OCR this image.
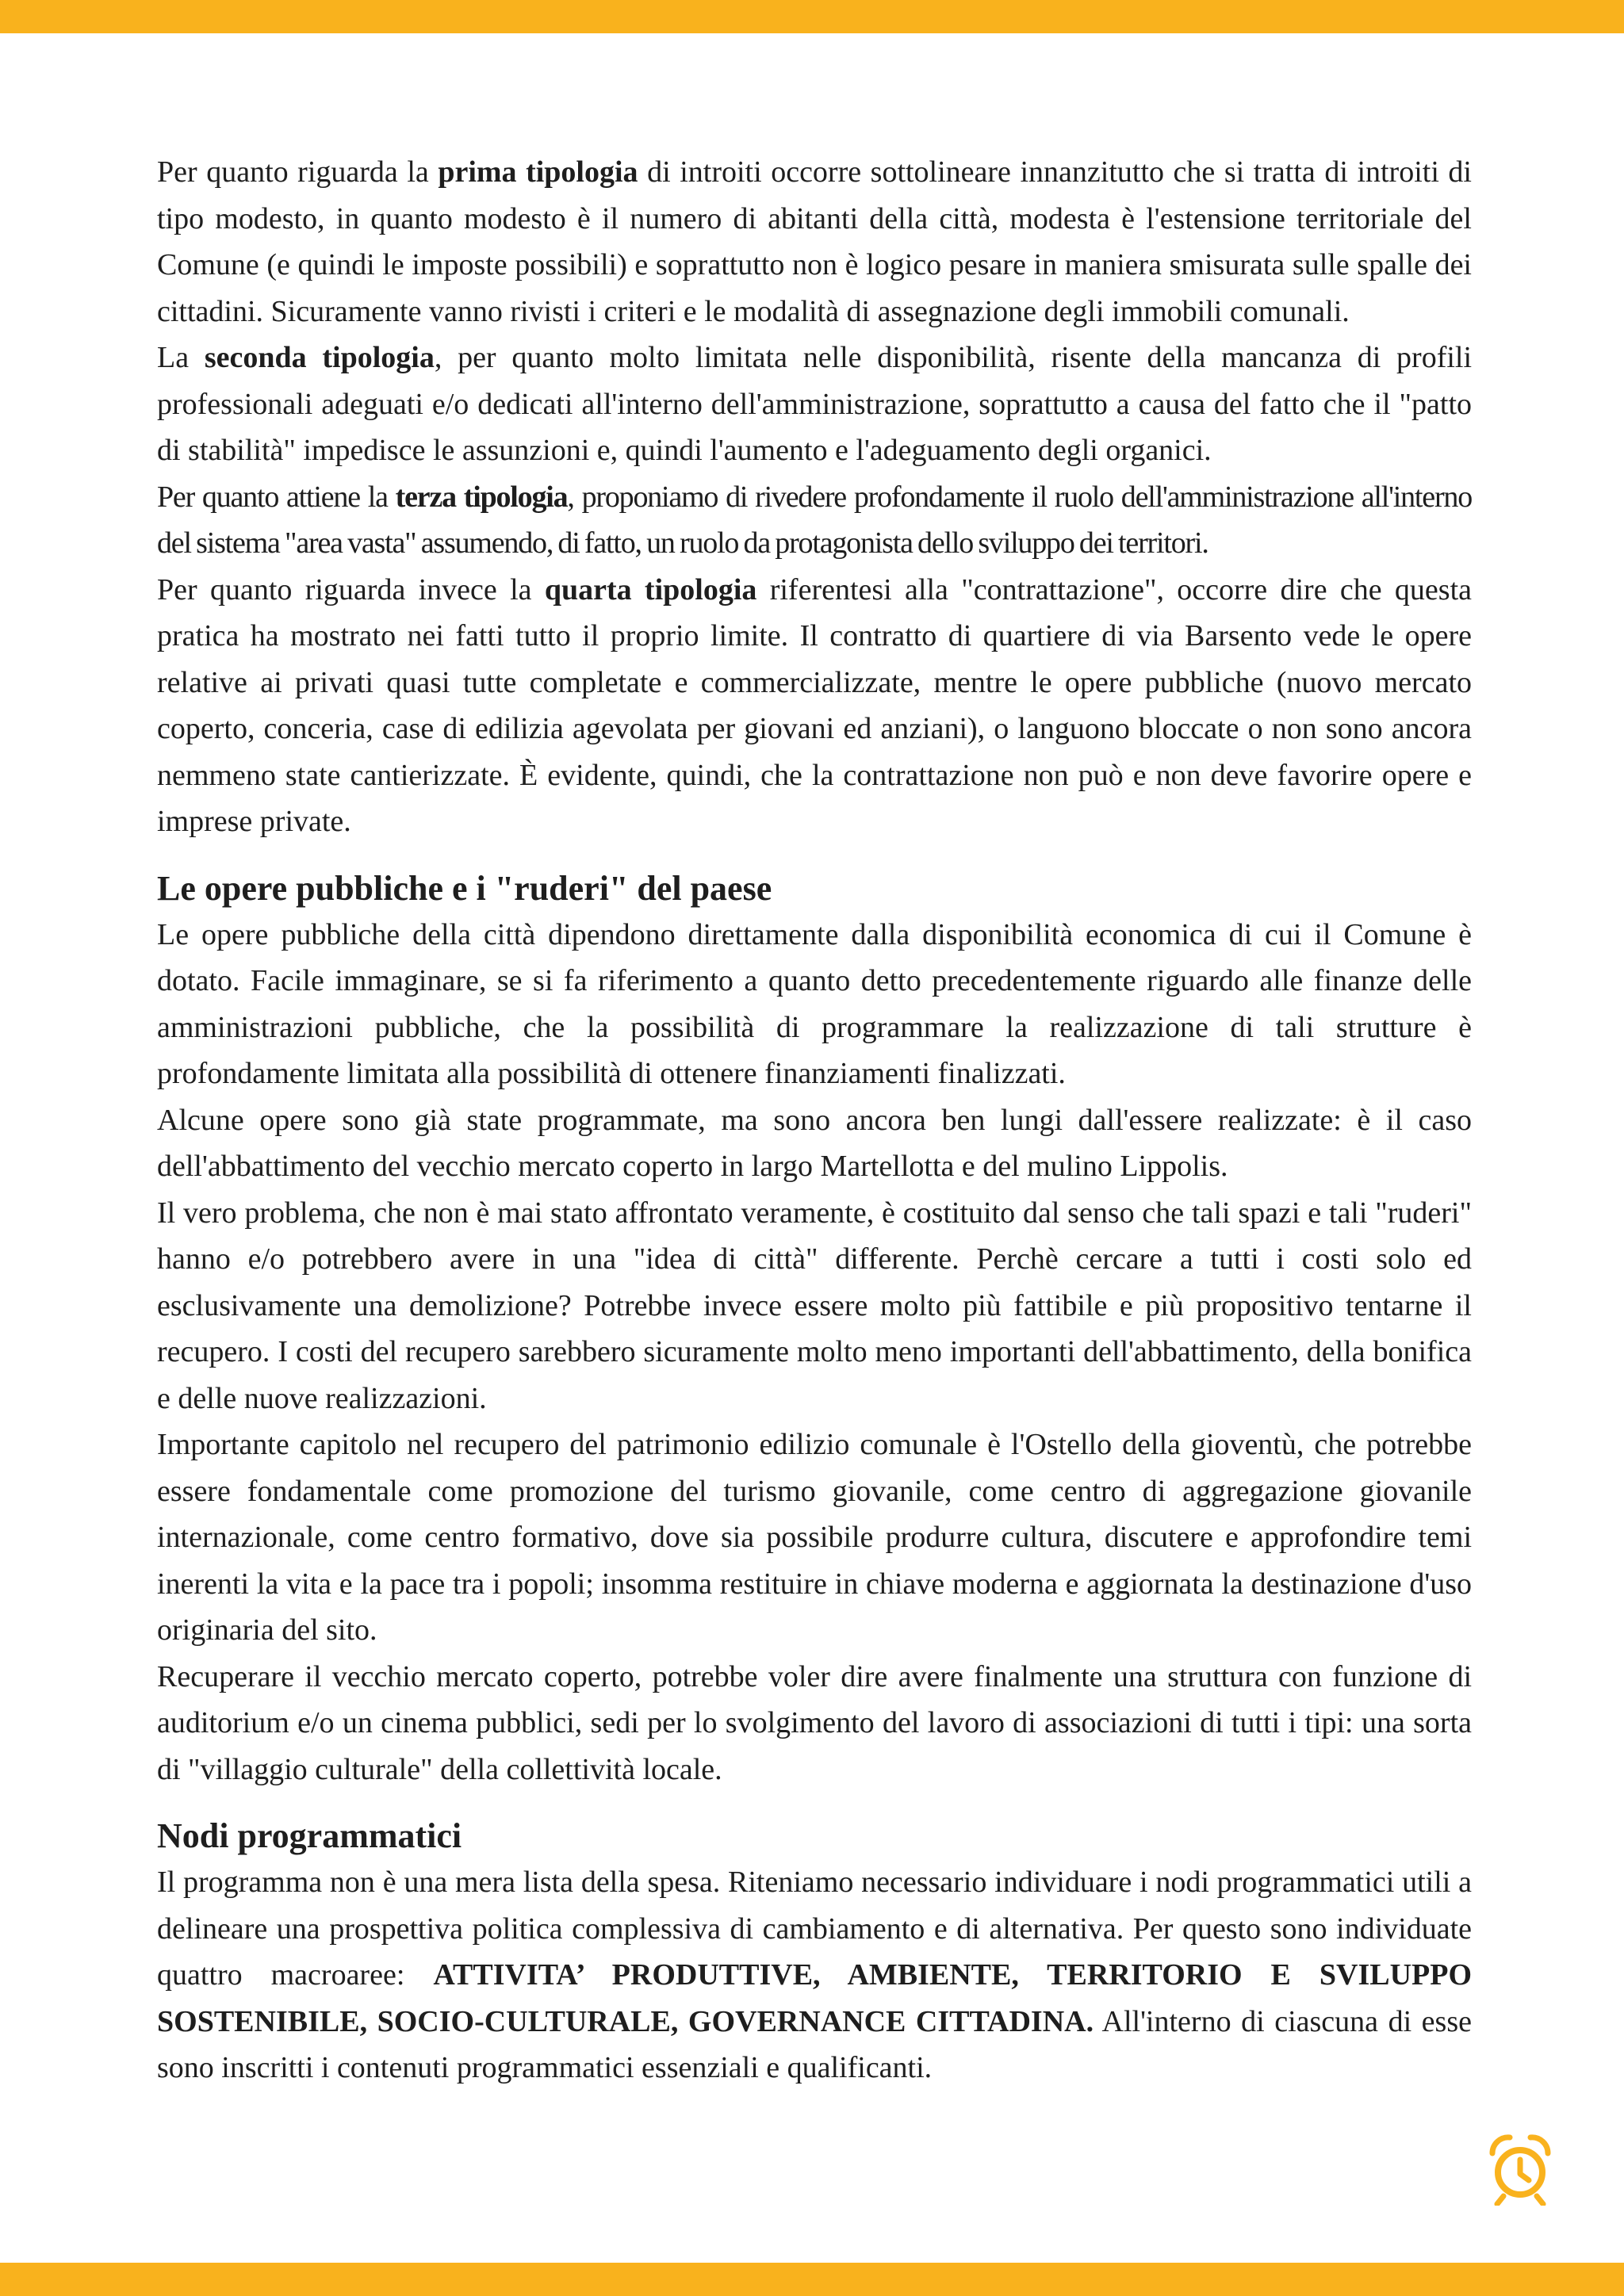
Per quanto riguarda la prima tipologia di introiti occorre sottolineare innanzitutto che si tratta di introiti di tipo modesto, in quanto modesto è il numero di abitanti della città, modesta è l'estensione territoriale del Comune (e quindi le imposte possibili) e soprattutto non è logico pesare in maniera smisurata sulle spalle dei cittadini. Sicuramente vanno rivisti i criteri e le modalità di assegnazione degli immobili comunali.

La seconda tipologia, per quanto molto limitata nelle disponibilità, risente della mancanza di profili professionali adeguati e/o dedicati all'interno dell'amministrazione, soprattutto a causa del fatto che il "patto di stabilità" impedisce le assunzioni e, quindi l'aumento e l'adeguamento degli organici.

Per quanto attiene la terza tipologia, proponiamo di rivedere profondamente il ruolo dell'amministrazione all'interno del sistema "area vasta" assumendo, di fatto, un ruolo da protagonista dello sviluppo dei territori.

Per quanto riguarda invece la quarta tipologia riferentesi alla "contrattazione", occorre dire che questa pratica ha mostrato nei fatti tutto il proprio limite. Il contratto di quartiere di via Barsento vede le opere relative ai privati quasi tutte completate e commercializzate, mentre le opere pubbliche (nuovo mercato coperto, conceria, case di edilizia agevolata per giovani ed anziani), o languono bloccate o non sono ancora nemmeno state cantierizzate. È evidente, quindi, che la contrattazione non può e non deve favorire opere e imprese private.

Le opere pubbliche e i "ruderi" del paese

Le opere pubbliche della città dipendono direttamente dalla disponibilità economica di cui il Comune è dotato. Facile immaginare, se si fa riferimento a quanto detto precedentemente riguardo alle finanze delle amministrazioni pubbliche, che la possibilità di programmare la realizzazione di tali strutture è profondamente limitata alla possibilità di ottenere finanziamenti finalizzati.

Alcune opere sono già state programmate, ma sono ancora ben lungi dall'essere realizzate: è il caso dell'abbattimento del vecchio mercato coperto in largo Martellotta e del mulino Lippolis.

Il vero problema, che non è mai stato affrontato veramente, è costituito dal senso che tali spazi e tali "ruderi" hanno e/o potrebbero avere in una "idea di città" differente. Perchè cercare a tutti i costi solo ed esclusivamente una demolizione? Potrebbe invece essere molto più fattibile e più propositivo tentarne il recupero. I costi del recupero sarebbero sicuramente molto meno importanti dell'abbattimento, della bonifica e delle nuove realizzazioni.

Importante capitolo nel recupero del patrimonio edilizio comunale è l'Ostello della gioventù, che potrebbe essere fondamentale come promozione del turismo giovanile, come centro di aggregazione giovanile internazionale, come centro formativo, dove sia possibile produrre cultura, discutere e approfondire temi inerenti la vita e la pace tra i popoli; insomma restituire in chiave moderna e aggiornata la destinazione d'uso originaria del sito.

Recuperare il vecchio mercato coperto, potrebbe voler dire avere finalmente una struttura con funzione di auditorium e/o un cinema pubblici, sedi per lo svolgimento del lavoro di associazioni di tutti i tipi: una sorta di "villaggio culturale" della collettività locale.

Nodi programmatici

Il programma non è una mera lista della spesa. Riteniamo necessario individuare i nodi programmatici utili a delineare una prospettiva politica complessiva di cambiamento e di alternativa. Per questo sono individuate quattro macroaree: ATTIVITA’ PRODUTTIVE, AMBIENTE, TERRITORIO E SVILUPPO SOSTENIBILE, SOCIO-CULTURALE, GOVERNANCE CITTADINA. All'interno di ciascuna di esse sono inscritti i contenuti programmatici essenziali e qualificanti.
